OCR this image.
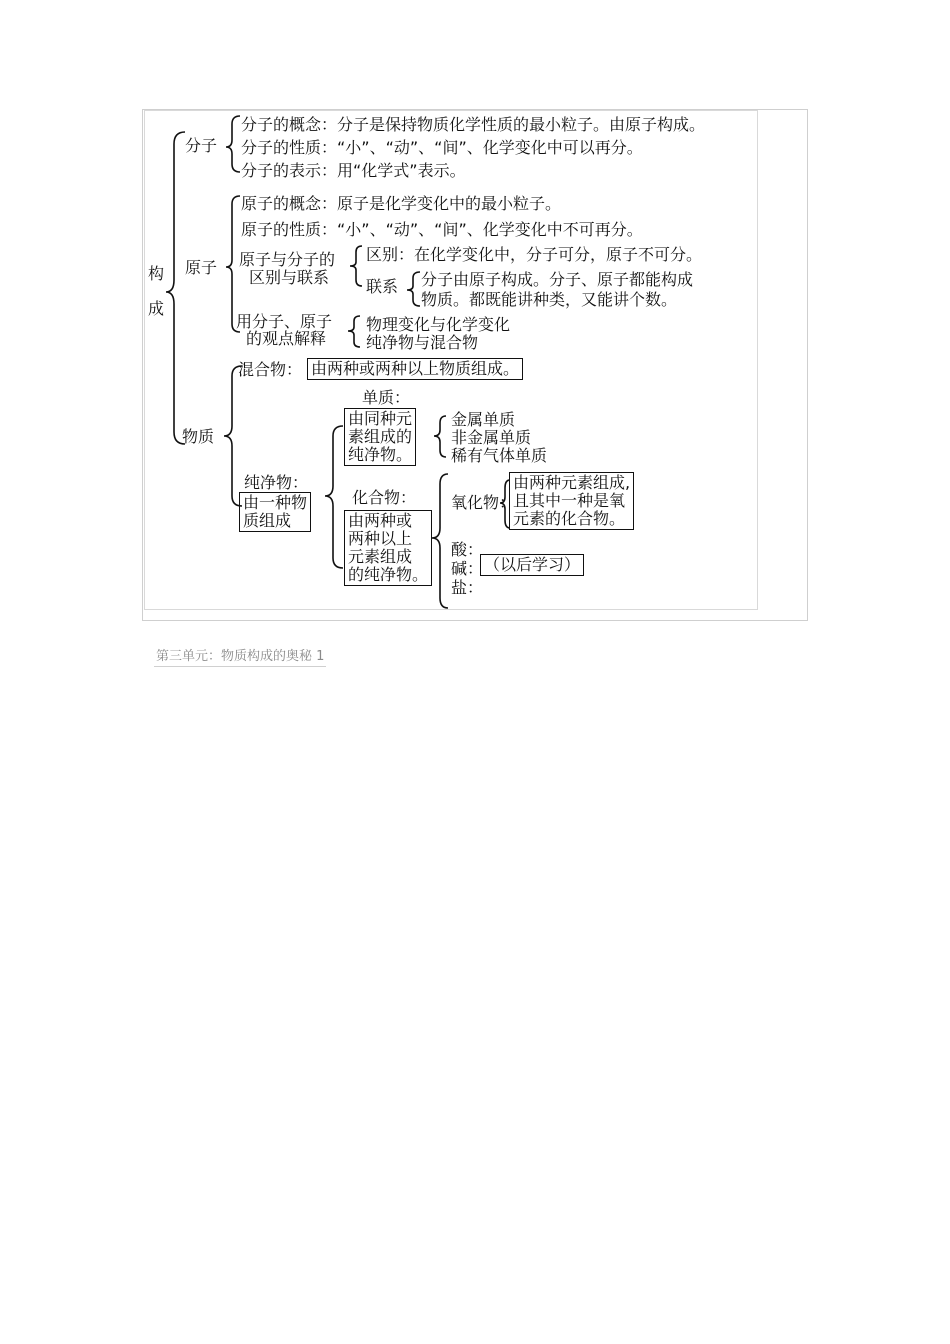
构
成
分子
分子的概念：分子是保持物质化学性质的最小粒子。由原子构成。
分子的性质：“小”、“动”、“间”、化学变化中可以再分。
分子的表示：用“化学式”表示。
原子
原子的概念：原子是化学变化中的最小粒子。
原子的性质：“小”、“动”、“间”、化学变化中不可再分。
原子与分子的
区别与联系
区别：在化学变化中，分子可分，原子不可分。
联系 分子由原子构成。分子、原子都能构成
物质。都既能讲种类，又能讲个数。
用分子、原子
的观点解释
物理变化与化学变化
纯净物与混合物
物质
混合物： 由两种或两种以上物质组成。
纯净物：
由一种物
质组成
单质：
由同种元
素组成的
纯净物。
金属单质
非金属单质
稀有气体单质
化合物：
由两种或
两种以上
元素组成
的纯净物。
氧化物：
由两种元素组成,
且其中一种是氧
元素的化合物。
酸：
碱：
盐：
（以后学习）
第三单元：物质构成的奥秘 1
